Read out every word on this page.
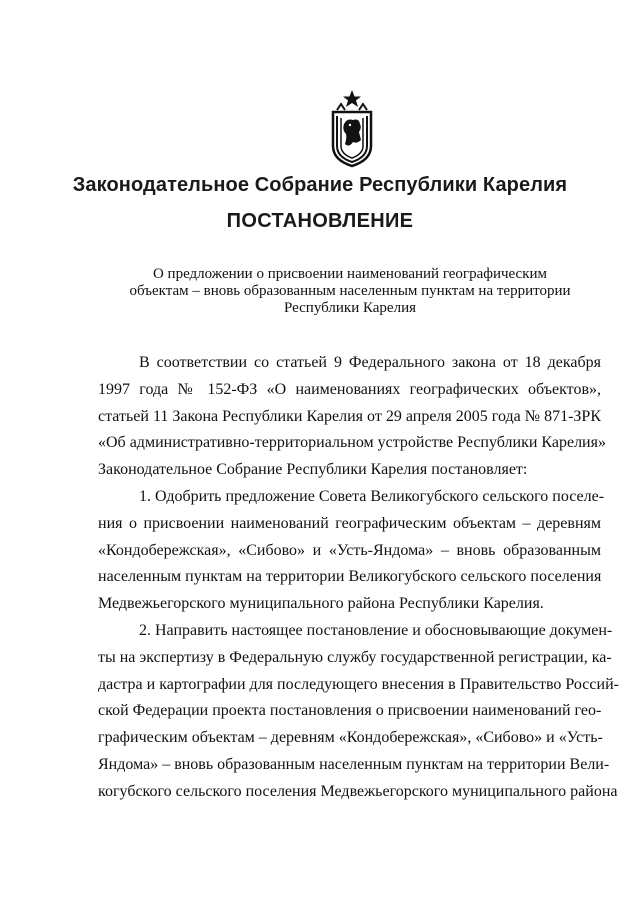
Законодательное Собрание Республики Карелия
ПОСТАНОВЛЕНИЕ
О предложении о присвоении наименований географическим
объектам – вновь образованным населенным пунктам на территории
Республики Карелия
В соответствии со статьей 9 Федерального закона от 18 декабря
1997 года № 152-ФЗ «О наименованиях географических объектов»,
статьей 11 Закона Республики Карелия от 29 апреля 2005 года № 871-ЗРК
«Об административно-территориальном устройстве Республики Карелия»
Законодательное Собрание Республики Карелия постановляет:
1. Одобрить предложение Совета Великогубского сельского поселе-
ния о присвоении наименований географическим объектам – деревням
«Кондобережская», «Сибово» и «Усть-Яндома» – вновь образованным
населенным пунктам на территории Великогубского сельского поселения
Медвежьегорского муниципального района Республики Карелия.
2. Направить настоящее постановление и обосновывающие докумен-
ты на экспертизу в Федеральную службу государственной регистрации, ка-
дастра и картографии для последующего внесения в Правительство Россий-
ской Федерации проекта постановления о присвоении наименований гео-
графическим объектам – деревням «Кондобережская», «Сибово» и «Усть-
Яндома» – вновь образованным населенным пунктам на территории Вели-
когубского сельского поселения Медвежьегорского муниципального района
